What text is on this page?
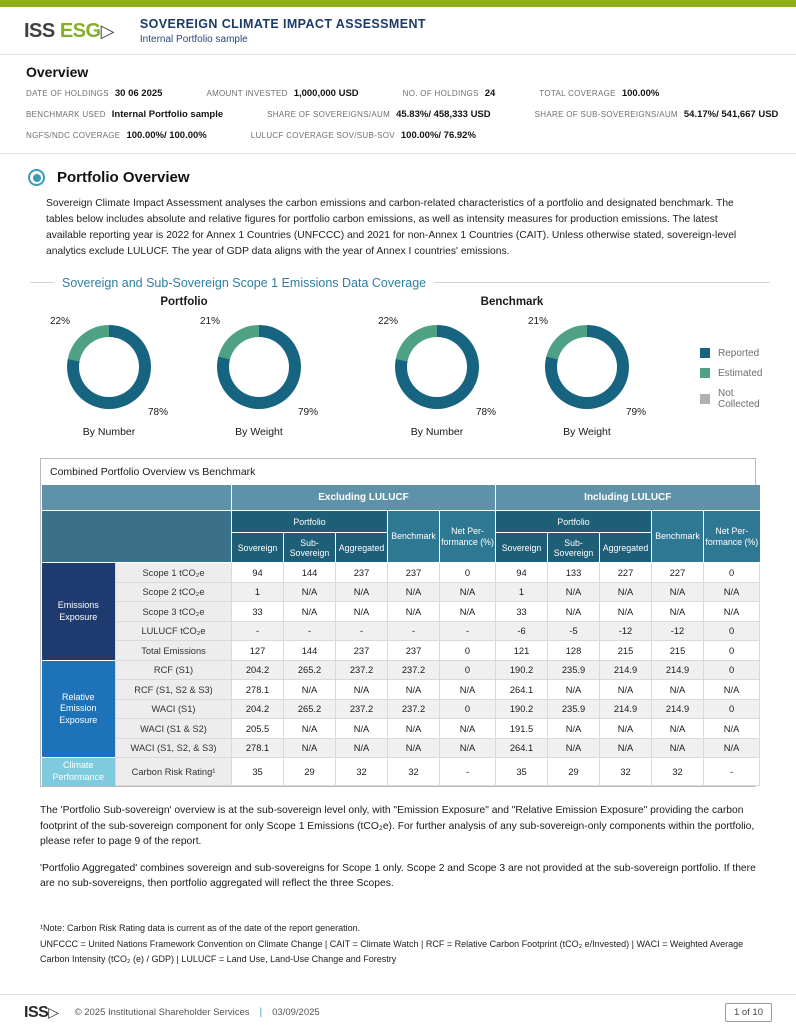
ISS ESG▷ SOVEREIGN CLIMATE IMPACT ASSESSMENT
Internal Portfolio sample
Overview
DATE OF HOLDINGS 30 06 2025	AMOUNT INVESTED 1,000,000 USD	NO. OF HOLDINGS 24	TOTAL COVERAGE 100.00%
BENCHMARK USED Internal Portfolio sample	SHARE OF SOVEREIGNS/AUM 45.83%/ 458,333 USD	SHARE OF SUB-SOVEREIGNS/AUM 54.17%/ 541,667 USD
NGFS/NDC COVERAGE 100.00%/ 100.00%	LULUCF COVERAGE SOV/SUB-SOV 100.00%/ 76.92%
Portfolio Overview

Sovereign Climate Impact Assessment analyses the carbon emissions and carbon-related characteristics of a portfolio and designated benchmark. The tables below includes absolute and relative figures for portfolio carbon emissions, as well as intensity measures for production emissions. The latest available reporting year is 2022 for Annex 1 Countries (UNFCCC) and 2021 for non-Annex 1 Countries (CAIT). Unless otherwise stated, sovereign-level analytics exclude LULUCF. The year of GDP data aligns with the year of Annex I countries' emissions.

Sovereign and Sub-Sovereign Scope 1 Emissions Data Coverage
Portfolio
22%
78%
By Number
21%
79%
By Weight
Benchmark
22%
78%
By Number
21%
79%
By Weight
Reported
Estimated
Not Collected
Combined Portfolio Overview vs Benchmark
		Excluding LULUCF					Including LULUCF				
		Portfolio			Benchmark	Net Per-formance (%)	Portfolio			Benchmark	Net Per-formance (%)
		Sovereign	Sub-Sovereign	Aggregated			Sovereign	Sub-Sovereign	Aggregated		
Emissions Exposure	Scope 1 tCO₂e	94	144	237	237	0	94	133	227	227	0
	Scope 2 tCO₂e	1	N/A	N/A	N/A	N/A	1	N/A	N/A	N/A	N/A
	Scope 3 tCO₂e	33	N/A	N/A	N/A	N/A	33	N/A	N/A	N/A	N/A
	LULUCF tCO₂e	-	-	-	-	-	-6	-5	-12	-12	0
	Total Emissions	127	144	237	237	0	121	128	215	215	0
Relative Emission Exposure	RCF (S1)	204.2	265.2	237.2	237.2	0	190.2	235.9	214.9	214.9	0
	RCF (S1, S2 & S3)	278.1	N/A	N/A	N/A	N/A	264.1	N/A	N/A	N/A	N/A
	WACI (S1)	204.2	265.2	237.2	237.2	0	190.2	235.9	214.9	214.9	0
	WACI (S1 & S2)	205.5	N/A	N/A	N/A	N/A	191.5	N/A	N/A	N/A	N/A
	WACI (S1, S2, & S3)	278.1	N/A	N/A	N/A	N/A	264.1	N/A	N/A	N/A	N/A
Climate Performance	Carbon Risk Rating¹	35	29	32	32	-	35	29	32	32	-

The 'Portfolio Sub-sovereign' overview is at the sub-sovereign level only, with "Emission Exposure" and "Relative Emission Exposure" providing the carbon footprint of the sub-sovereign component for only Scope 1 Emissions (tCO₂e). For further analysis of any sub-sovereign-only components within the portfolio, please refer to page 9 of the report.

'Portfolio Aggregated' combines sovereign and sub-sovereigns for Scope 1 only. Scope 2 and Scope 3 are not provided at the sub-sovereign portfolio. If there are no sub-sovereigns, then portfolio aggregated will reflect the three Scopes.

¹Note: Carbon Risk Rating data is current as of the date of the report generation.
UNFCCC = United Nations Framework Convention on Climate Change | CAIT = Climate Watch | RCF = Relative Carbon Footprint (tCO₂ e/Invested) | WACI = Weighted Average Carbon Intensity (tCO₂ (e) / GDP) | LULUCF = Land Use, Land-Use Change and Forestry
ISS▷ © 2025 Institutional Shareholder Services | 03/09/2025	1 of 10
